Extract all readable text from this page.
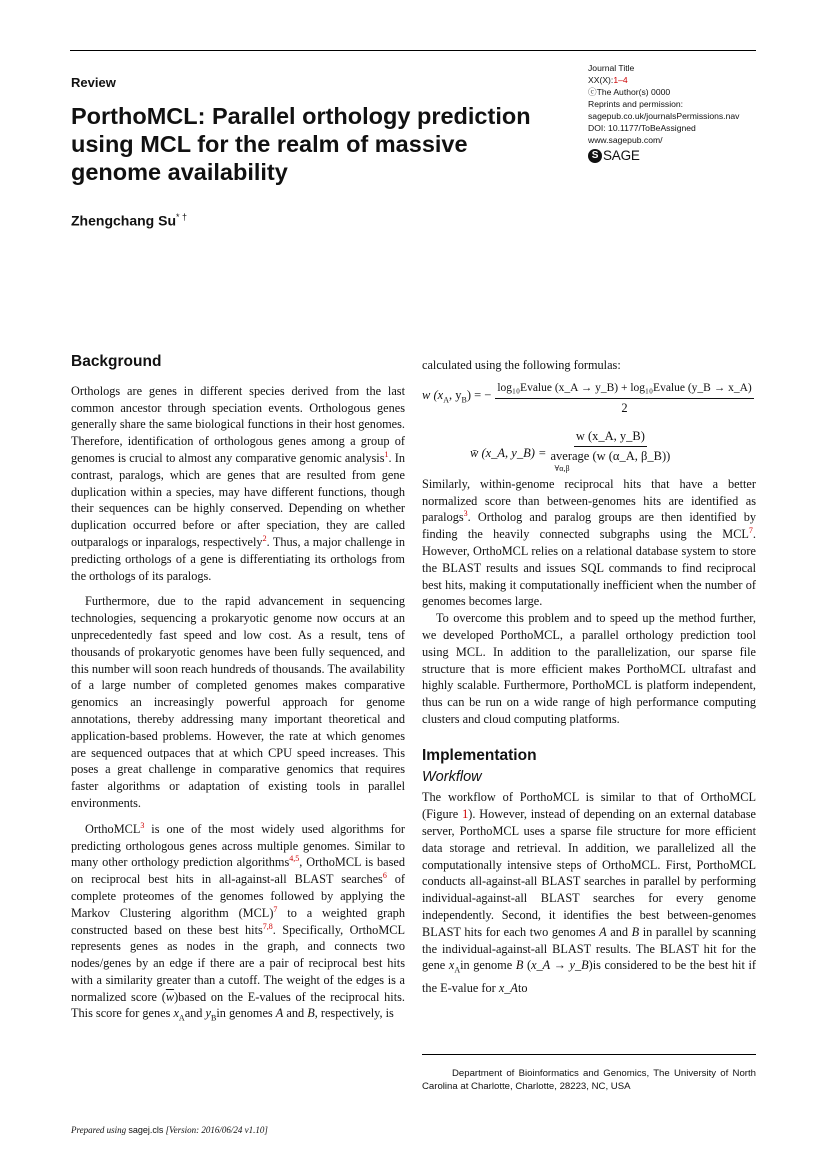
Review
PorthoMCL: Parallel orthology prediction using MCL for the realm of massive genome availability
Zhengchang Su* †
Journal Title
XX(X):1–4
ⓒThe Author(s) 0000
Reprints and permission:
sagepub.co.uk/journalsPermissions.nav
DOI: 10.1177/ToBeAssigned
www.sagepub.com/
S SAGE
Background

Orthologs are genes in different species derived from the last common ancestor through speciation events. Orthologous genes generally share the same biological functions in their host genomes. Therefore, identification of orthologous genes among a group of genomes is crucial to almost any comparative genomic analysis$^1$. In contrast, paralogs, which are genes that are resulted from gene duplication within a species, may have different functions, though their sequences can be highly conserved. Depending on whether duplication occurred before or after speciation, they are called outparalogs or inparalogs, respectively$^2$. Thus, a major challenge in predicting orthologs of a gene is differentiating its orthologs from the orthologs of its paralogs.

Furthermore, due to the rapid advancement in sequencing technologies, sequencing a prokaryotic genome now occurs at an unprecedentedly fast speed and low cost. As a result, tens of thousands of prokaryotic genomes have been fully sequenced, and this number will soon reach hundreds of thousands. The availability of a large number of completed genomes makes comparative genomics an increasingly powerful approach for genome annotations, thereby addressing many important theoretical and application-based problems. However, the rate at which genomes are sequenced outpaces that at which CPU speed increases. This poses a great challenge in comparative genomics that requires faster algorithms or adaptation of existing tools in parallel environments.

OrthoMCL$^3$ is one of the most widely used algorithms for predicting orthologous genes across multiple genomes. Similar to many other orthology prediction algorithms$^{4,5}$, OrthoMCL is based on reciprocal best hits in all-against-all BLAST searches$^6$ of complete proteomes of the genomes followed by applying the Markov Clustering algorithm (MCL)$^7$ to a weighted graph constructed based on these best hits$^{7,8}$. Specifically, OrthoMCL represents genes as nodes in the graph, and connects two nodes/genes by an edge if there are a pair of reciprocal best hits with a similarity greater than a cutoff. The weight of the edges is a normalized score $(\overline{w})based$ on the E-values of the reciprocal hits. This score for genes $x_Aand$ $y_Bin$ genomes A and B, respectively, is

calculated using the following formulas:

w ($x_A$, $y_B$) = − $\frac{\text{log₁₀Evalue (x\_A → y\_B) + log₁₀Evalue (y\_B → x\_A)}}{2}$
w̄ (x_A, y_B) =
w (x_A, y_B)
average (w (α_A, β_B))
∀α,β

Similarly, within-genome reciprocal hits that have a better normalized score than between-genomes hits are identified as paralogs$^3$. Ortholog and paralog groups are then identified by finding the heavily connected subgraphs using the MCL$^7$. However, OrthoMCL relies on a relational database system to store the BLAST results and issues SQL commands to find reciprocal best hits, making it computationally inefficient when the number of genomes becomes large.

To overcome this problem and to speed up the method further, we developed PorthoMCL, a parallel orthology prediction tool using MCL. In addition to the parallelization, our sparse file structure that is more efficient makes PorthoMCL ultrafast and highly scalable. Furthermore, PorthoMCL is platform independent, thus can be run on a wide range of high performance computing clusters and cloud computing platforms.

Implementation
Workflow

The workflow of PorthoMCL is similar to that of OrthoMCL (Figure 1). However, instead of depending on an external database server, PorthoMCL uses a sparse file structure for more efficient data storage and retrieval. In addition, we parallelized all the computationally intensive steps of OrthoMCL. First, PorthoMCL conducts all-against-all BLAST searches in parallel by performing individual-against-all BLAST searches for every genome independently. Second, it identifies the best between-genomes BLAST hits for each two genomes A and B in parallel by scanning the individual-against-all BLAST results. The BLAST hit for the gene $x_Ain$ genome B (x_A → y_B)is considered to be the best hit if the E-value for x_Ato

Department of Bioinformatics and Genomics, The University of North Carolina at Charlotte, Charlotte, 28223, NC, USA
Prepared using sagej.cls [Version: 2016/06/24 v1.10]
